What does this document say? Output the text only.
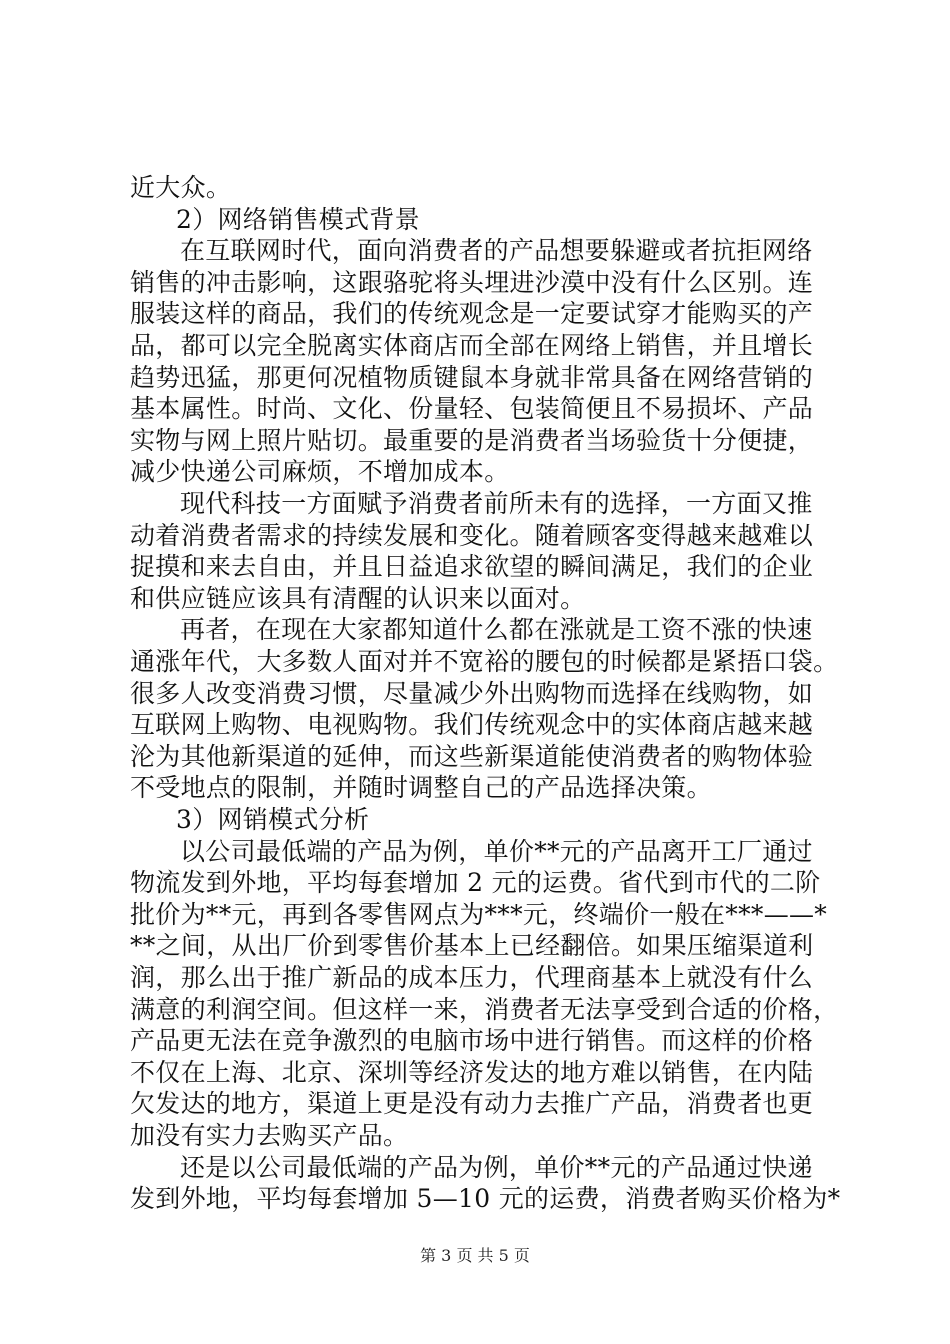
近大众。
2）网络销售模式背景
在互联网时代，面向消费者的产品想要躲避或者抗拒网络
销售的冲击影响，这跟骆驼将头埋进沙漠中没有什么区别。连
服装这样的商品，我们的传统观念是一定要试穿才能购买的产
品，都可以完全脱离实体商店而全部在网络上销售，并且增长
趋势迅猛，那更何况植物质键鼠本身就非常具备在网络营销的
基本属性。时尚、文化、份量轻、包装简便且不易损坏、产品
实物与网上照片贴切。最重要的是消费者当场验货十分便捷，
减少快递公司麻烦，不增加成本。
现代科技一方面赋予消费者前所未有的选择，一方面又推
动着消费者需求的持续发展和变化。随着顾客变得越来越难以
捉摸和来去自由，并且日益追求欲望的瞬间满足，我们的企业
和供应链应该具有清醒的认识来以面对。
再者，在现在大家都知道什么都在涨就是工资不涨的快速
通涨年代，大多数人面对并不宽裕的腰包的时候都是紧捂口袋。
很多人改变消费习惯，尽量减少外出购物而选择在线购物，如
互联网上购物、电视购物。我们传统观念中的实体商店越来越
沦为其他新渠道的延伸，而这些新渠道能使消费者的购物体验
不受地点的限制，并随时调整自己的产品选择决策。
3）网销模式分析
以公司最低端的产品为例，单价**元的产品离开工厂通过
物流发到外地，平均每套增加 2 元的运费。省代到市代的二阶
批价为**元，再到各零售网点为***元，终端价一般在***——*
**之间，从出厂价到零售价基本上已经翻倍。如果压缩渠道利
润，那么出于推广新品的成本压力，代理商基本上就没有什么
满意的利润空间。但这样一来，消费者无法享受到合适的价格，
产品更无法在竞争激烈的电脑市场中进行销售。而这样的价格
不仅在上海、北京、深圳等经济发达的地方难以销售，在内陆
欠发达的地方，渠道上更是没有动力去推广产品，消费者也更
加没有实力去购买产品。
还是以公司最低端的产品为例，单价**元的产品通过快递
发到外地，平均每套增加 5—10 元的运费，消费者购买价格为*
第 3 页 共 5 页
